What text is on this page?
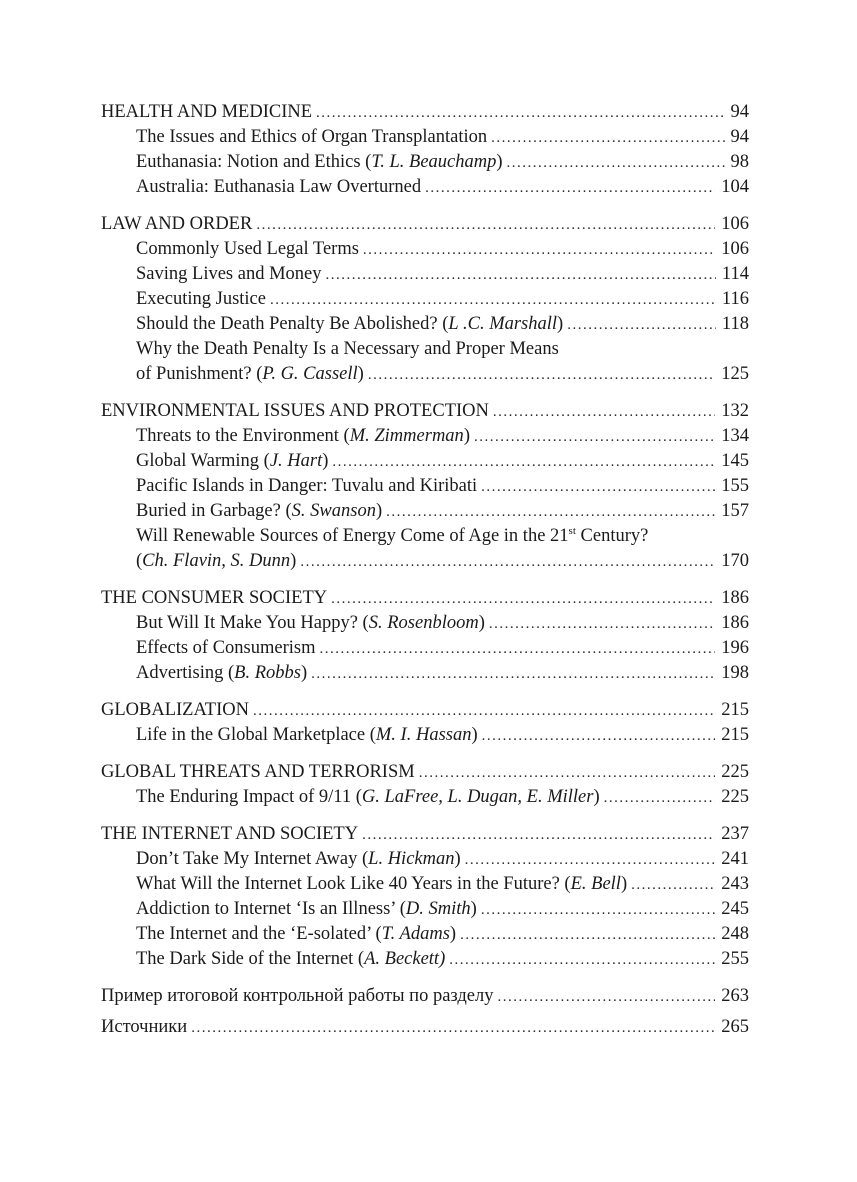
HEALTH AND MEDICINE .....	94
The Issues and Ethics of Organ Transplantation .....	94
Euthanasia: Notion and Ethics (T. L. Beauchamp) .....	98
Australia: Euthanasia Law Overturned .....	104
LAW AND ORDER .....	106
Commonly Used Legal Terms .....	106
Saving Lives and Money .....	114
Executing Justice .....	116
Should the Death Penalty Be Abolished? (L .C. Marshall) .....	118
Why the Death Penalty Is a Necessary and Proper Means
of Punishment? (P. G. Cassell) .....	125
ENVIRONMENTAL ISSUES AND PROTECTION .....	132
Threats to the Environment (M. Zimmerman) .....	134
Global Warming (J. Hart) .....	145
Pacific Islands in Danger: Tuvalu and Kiribati .....	155
Buried in Garbage? (S. Swanson) .....	157
Will Renewable Sources of Energy Come of Age in the 21st Century?
(Ch. Flavin, S. Dunn) .....	170
THE CONSUMER SOCIETY .....	186
But Will It Make You Happy? (S. Rosenbloom) .....	186
Effects of Consumerism .....	196
Advertising (B. Robbs) .....	198
GLOBALIZATION .....	215
Life in the Global Marketplace (M. I. Hassan) .....	215
GLOBAL THREATS AND TERRORISM .....	225
The Enduring Impact of 9/11 (G. LaFree, L. Dugan, E. Miller) .....	225
THE INTERNET AND SOCIETY .....	237
Don’t Take My Internet Away (L. Hickman) .....	241
What Will the Internet Look Like 40 Years in the Future? (E. Bell) .....	243
Addiction to Internet ‘Is an Illness’ (D. Smith) .....	245
The Internet and the ‘E-solated’ (T. Adams) .....	248
The Dark Side of the Internet (A. Beckett) .....	255
Пример итоговой контрольной работы по разделу .....	263
Источники .....	265
